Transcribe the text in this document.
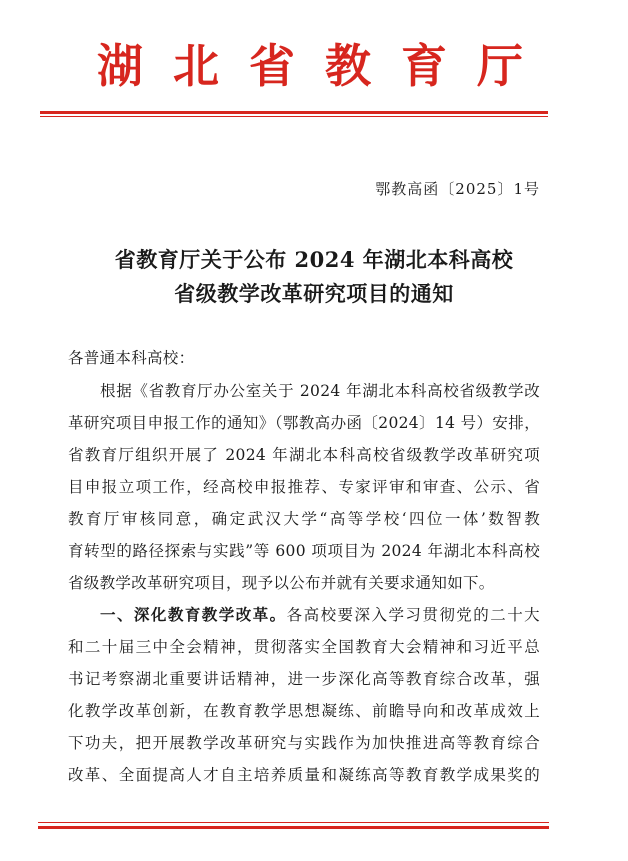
湖北省教育厅
鄂教高函〔2025〕1号
省教育厅关于公布 2024 年湖北本科高校
省级教学改革研究项目的通知
各普通本科高校：
根据《省教育厅办公室关于 2024 年湖北本科高校省级教学改
革研究项目申报工作的通知》（鄂教高办函〔2024〕14 号）安排，
省教育厅组织开展了 2024 年湖北本科高校省级教学改革研究项
目申报立项工作，经高校申报推荐、专家评审和审查、公示、省
教育厅审核同意，确定武汉大学“高等学校‘四位一体’数智教
育转型的路径探索与实践”等 600 项项目为 2024 年湖北本科高校
省级教学改革研究项目，现予以公布并就有关要求通知如下。
一、深化教育教学改革。各高校要深入学习贯彻党的二十大
和二十届三中全会精神，贯彻落实全国教育大会精神和习近平总
书记考察湖北重要讲话精神，进一步深化高等教育综合改革，强
化教学改革创新，在教育教学思想凝练、前瞻导向和改革成效上
下功夫，把开展教学改革研究与实践作为加快推进高等教育综合
改革、全面提高人才自主培养质量和凝练高等教育教学成果奖的
